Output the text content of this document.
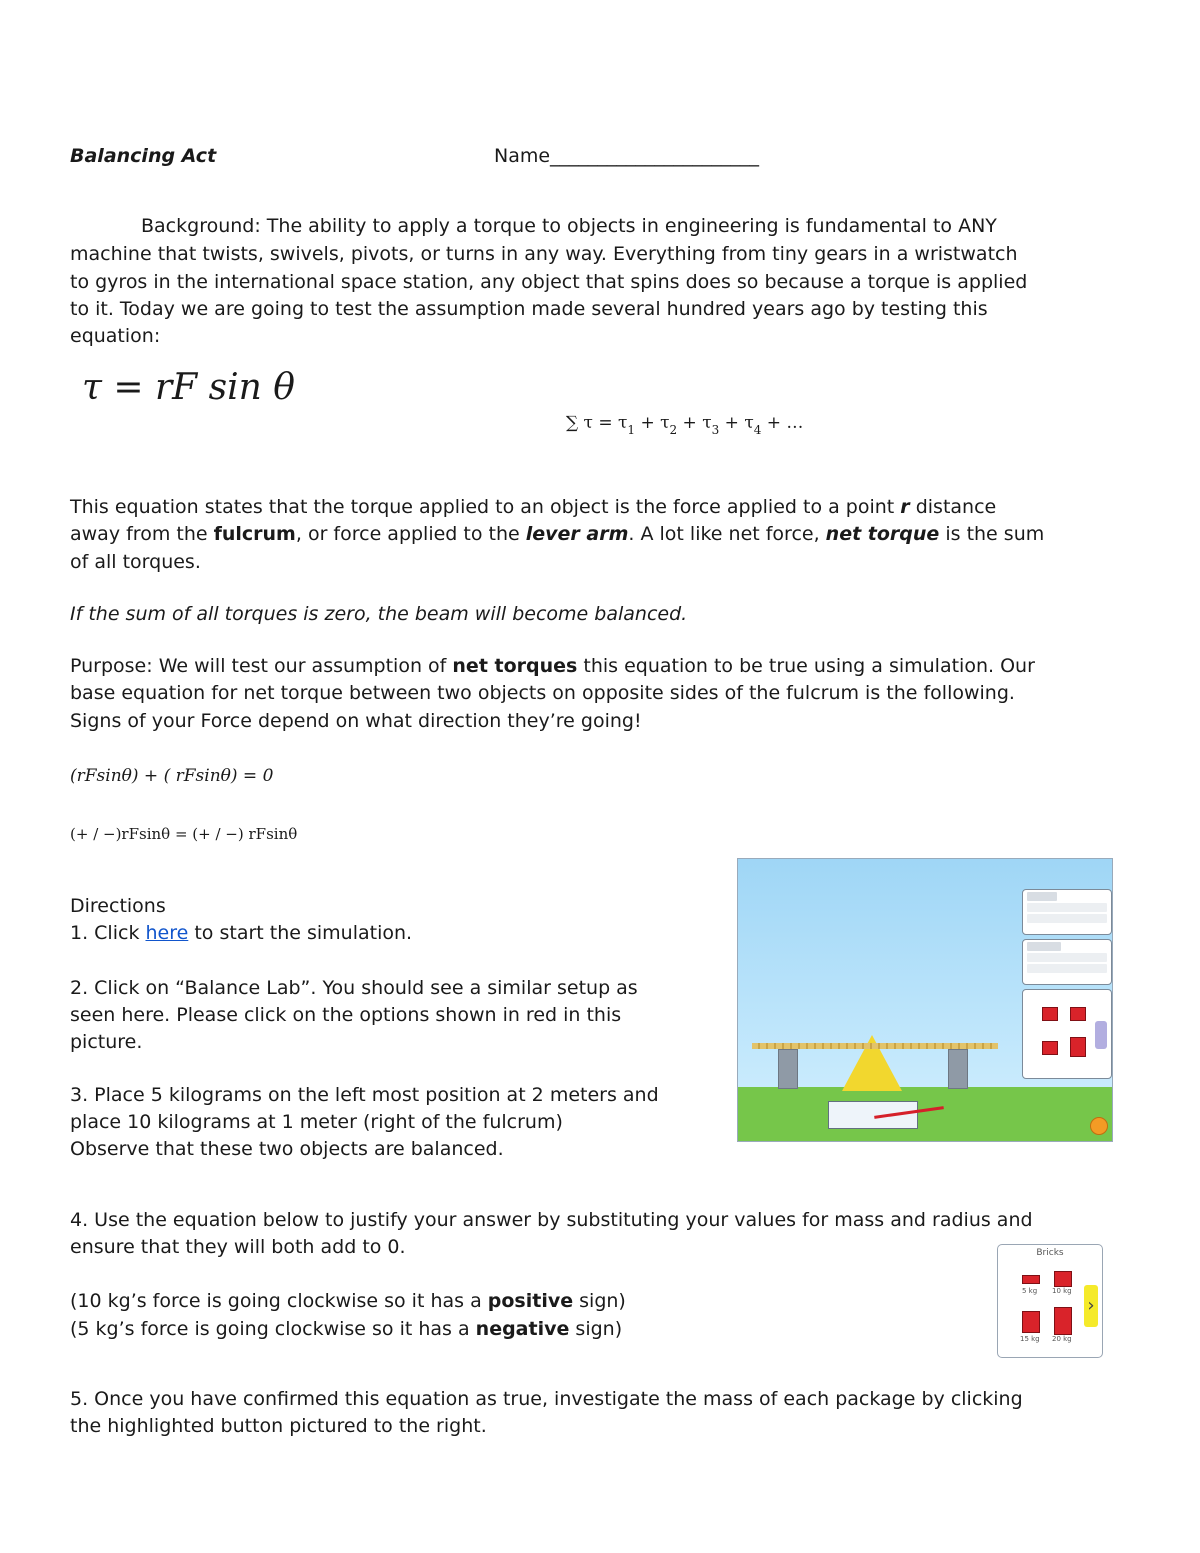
Balancing Act	Name______________________
Background: The ability to apply a torque to objects in engineering is fundamental to ANY
machine that twists, swivels, pivots, or turns in any way. Everything from tiny gears in a wristwatch
to gyros in the international space station, any object that spins does so because a torque is applied
to it. Today we are going to test the assumption made several hundred years ago by testing this
equation:
τ = rF sin θ
∑ $\tau = \tau_1 + \tau_2 + \tau_3 + \tau_4$ + …
This equation states that the torque applied to an object is the force applied to a point r distance
away from the fulcrum, or force applied to the lever arm. A lot like net force, net torque is the sum
of all torques.
If the sum of all torques is zero, the beam will become balanced.
Purpose: We will test our assumption of net torques this equation to be true using a simulation. Our
base equation for net torque between two objects on opposite sides of the fulcrum is the following.
Signs of your Force depend on what direction they’re going!
(rFsinθ) + ( rFsinθ) = 0
(+ / −)rFsinθ = (+ / −) rFsinθ
Directions
1. Click here to start the simulation.
2. Click on “Balance Lab”. You should see a similar setup as
seen here. Please click on the options shown in red in this
picture.
3. Place 5 kilograms on the left most position at 2 meters and
place 10 kilograms at 1 meter (right of the fulcrum)
Observe that these two objects are balanced.
4. Use the equation below to justify your answer by substituting your values for mass and radius and
ensure that they will both add to 0.
(10 kg’s force is going clockwise so it has a positive sign)
(5 kg’s force is going clockwise so it has a negative sign)
5. Once you have confirmed this equation as true, investigate the mass of each package by clicking
the highlighted button pictured to the right.
Bricks
5 kg 10 kg
15 kg 20 kg
›
